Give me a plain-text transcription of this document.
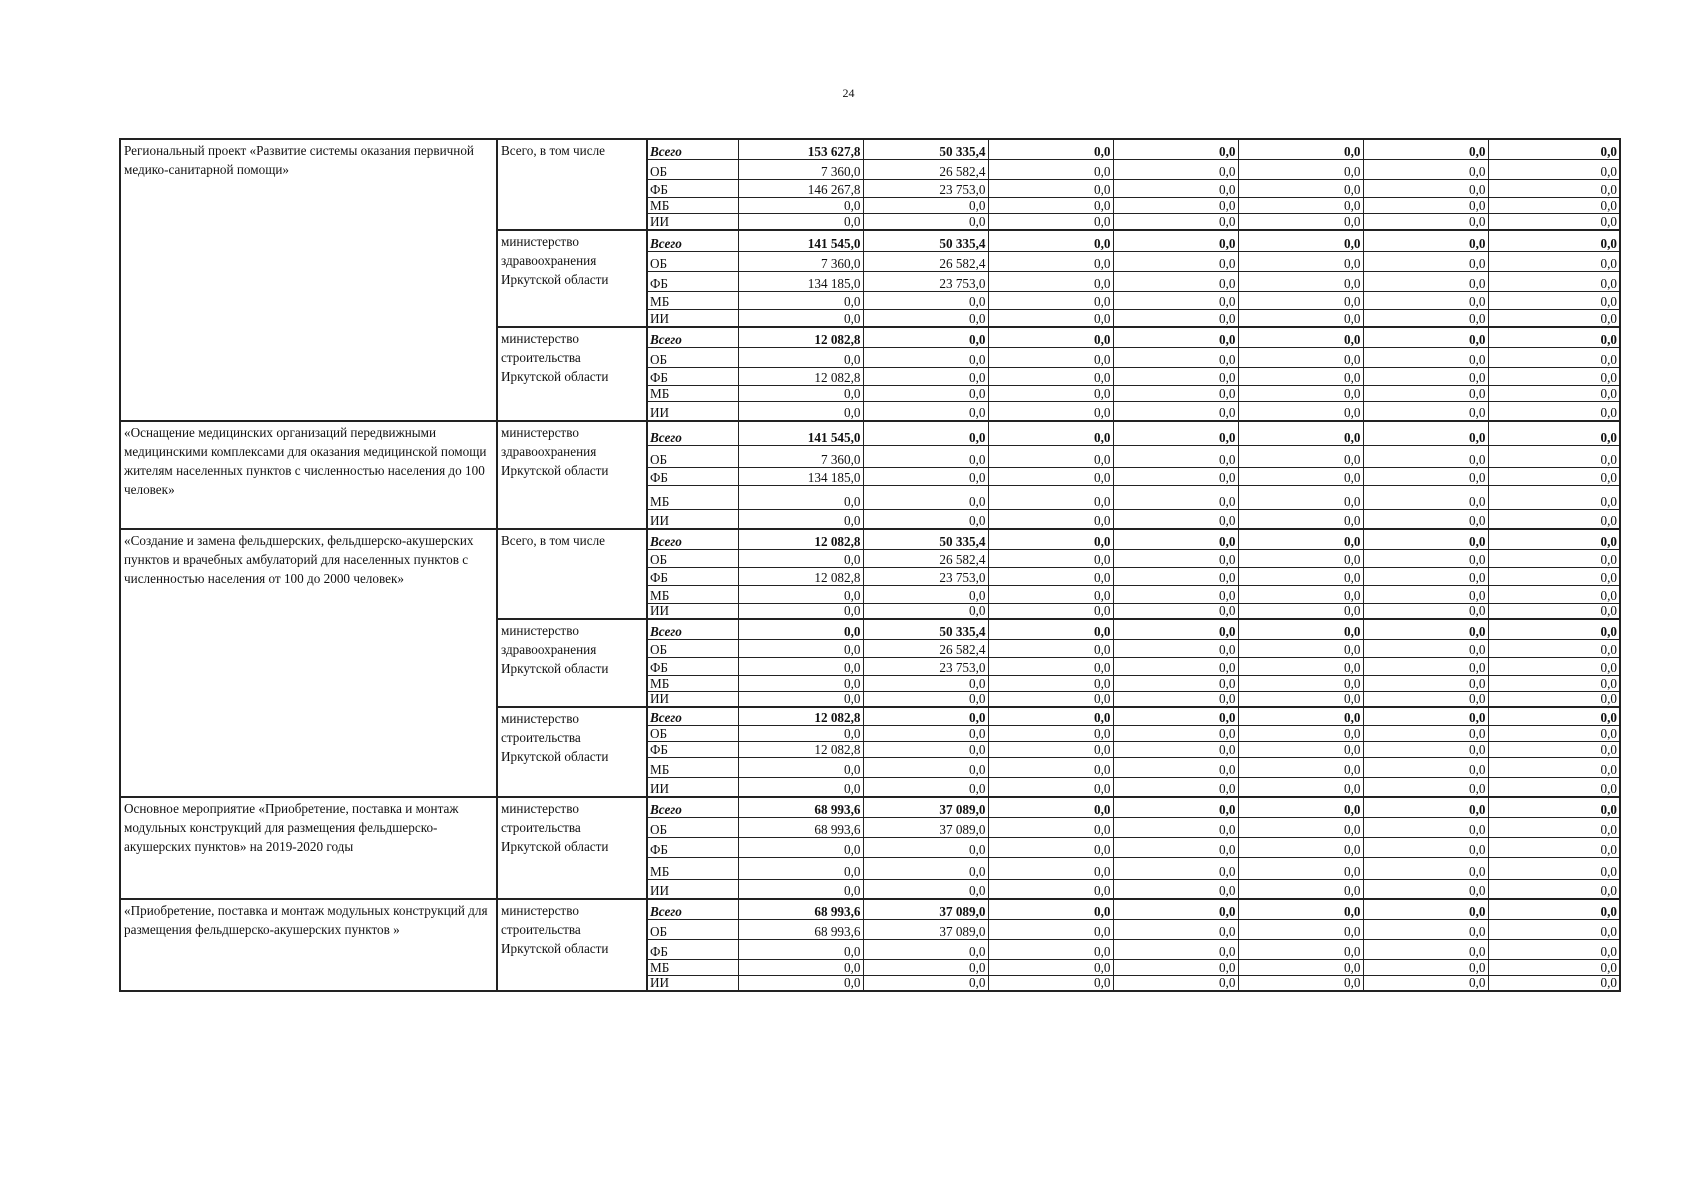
24
Региональный проект «Развитие системы оказания первичной медико-санитарной помощи»	Всего, в том числе	Всего	153 627,8	50 335,4	0,0	0,0	0,0	0,0	0,0
		ОБ	7 360,0	26 582,4	0,0	0,0	0,0	0,0	0,0
		ФБ	146 267,8	23 753,0	0,0	0,0	0,0	0,0	0,0
		МБ	0,0	0,0	0,0	0,0	0,0	0,0	0,0
		ИИ	0,0	0,0	0,0	0,0	0,0	0,0	0,0
	министерство здравоохранения Иркутской области	Всего	141 545,0	50 335,4	0,0	0,0	0,0	0,0	0,0
		ОБ	7 360,0	26 582,4	0,0	0,0	0,0	0,0	0,0
		ФБ	134 185,0	23 753,0	0,0	0,0	0,0	0,0	0,0
		МБ	0,0	0,0	0,0	0,0	0,0	0,0	0,0
		ИИ	0,0	0,0	0,0	0,0	0,0	0,0	0,0
	министерство строительства Иркутской области	Всего	12 082,8	0,0	0,0	0,0	0,0	0,0	0,0
		ОБ	0,0	0,0	0,0	0,0	0,0	0,0	0,0
		ФБ	12 082,8	0,0	0,0	0,0	0,0	0,0	0,0
		МБ	0,0	0,0	0,0	0,0	0,0	0,0	0,0
		ИИ	0,0	0,0	0,0	0,0	0,0	0,0	0,0
«Оснащение медицинских организаций передвижными медицинскими комплексами для оказания медицинской помощи жителям населенных пунктов с численностью населения до 100 человек»	министерство здравоохранения Иркутской области	Всего	141 545,0	0,0	0,0	0,0	0,0	0,0	0,0
		ОБ	7 360,0	0,0	0,0	0,0	0,0	0,0	0,0
		ФБ	134 185,0	0,0	0,0	0,0	0,0	0,0	0,0
		МБ	0,0	0,0	0,0	0,0	0,0	0,0	0,0
		ИИ	0,0	0,0	0,0	0,0	0,0	0,0	0,0
«Создание и замена фельдшерских, фельдшерско-акушерских пунктов и врачебных амбулаторий для населенных пунктов с численностью населения от 100 до 2000 человек»	Всего, в том числе	Всего	12 082,8	50 335,4	0,0	0,0	0,0	0,0	0,0
		ОБ	0,0	26 582,4	0,0	0,0	0,0	0,0	0,0
		ФБ	12 082,8	23 753,0	0,0	0,0	0,0	0,0	0,0
		МБ	0,0	0,0	0,0	0,0	0,0	0,0	0,0
		ИИ	0,0	0,0	0,0	0,0	0,0	0,0	0,0
	министерство здравоохранения Иркутской области	Всего	0,0	50 335,4	0,0	0,0	0,0	0,0	0,0
		ОБ	0,0	26 582,4	0,0	0,0	0,0	0,0	0,0
		ФБ	0,0	23 753,0	0,0	0,0	0,0	0,0	0,0
		МБ	0,0	0,0	0,0	0,0	0,0	0,0	0,0
		ИИ	0,0	0,0	0,0	0,0	0,0	0,0	0,0
	министерство строительства Иркутской области	Всего	12 082,8	0,0	0,0	0,0	0,0	0,0	0,0
		ОБ	0,0	0,0	0,0	0,0	0,0	0,0	0,0
		ФБ	12 082,8	0,0	0,0	0,0	0,0	0,0	0,0
		МБ	0,0	0,0	0,0	0,0	0,0	0,0	0,0
		ИИ	0,0	0,0	0,0	0,0	0,0	0,0	0,0
Основное мероприятие «Приобретение, поставка и монтаж модульных конструкций для размещения фельдшерско-акушерских пунктов» на 2019-2020 годы	министерство строительства Иркутской области	Всего	68 993,6	37 089,0	0,0	0,0	0,0	0,0	0,0
		ОБ	68 993,6	37 089,0	0,0	0,0	0,0	0,0	0,0
		ФБ	0,0	0,0	0,0	0,0	0,0	0,0	0,0
		МБ	0,0	0,0	0,0	0,0	0,0	0,0	0,0
		ИИ	0,0	0,0	0,0	0,0	0,0	0,0	0,0
«Приобретение, поставка и монтаж модульных конструкций для размещения фельдшерско-акушерских пунктов »	министерство строительства Иркутской области	Всего	68 993,6	37 089,0	0,0	0,0	0,0	0,0	0,0
		ОБ	68 993,6	37 089,0	0,0	0,0	0,0	0,0	0,0
		ФБ	0,0	0,0	0,0	0,0	0,0	0,0	0,0
		МБ	0,0	0,0	0,0	0,0	0,0	0,0	0,0
		ИИ	0,0	0,0	0,0	0,0	0,0	0,0	0,0
